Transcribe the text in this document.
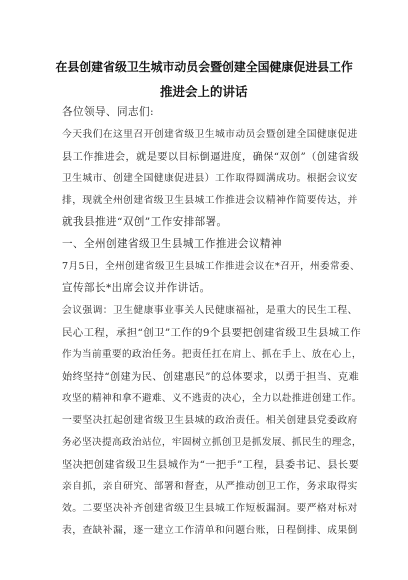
在县创建省级卫生城市动员会暨创建全国健康促进县工作
推进会上的讲话
各位领导、同志们:
今天我们在这里召开创建省级卫生城市动员会暨创建全国健康促进
县工作推进会，就是要以目标倒逼进度，确保“双创”（创建省级
卫生城市、创建全国健康促进县）工作取得圆满成功。根据会议安
排，现就全州创建省级卫生县城工作推进会议精神作简要传达，并
就我县推进“双创”工作安排部署。
一、全州创建省级卫生县城工作推进会议精神
7月5日，全州创建省级卫生县城工作推进会议在*召开，州委常委、
宣传部长*出席会议并作讲话。
会议强调：卫生健康事业事关人民健康福祉，是重大的民生工程、
民心工程，承担“创卫”工作的9个县要把创建省级卫生县城工作
作为当前重要的政治任务。把责任扛在肩上、抓在手上、放在心上，
始终坚持“创建为民、创建惠民”的总体要求，以勇于担当、克难
攻坚的精神和拿不避难、义不逃责的决心，全力以赴推进创建工作。
一要坚决扛起创建省级卫生县城的政治责任。相关创建县党委政府
务必坚决提高政治站位，牢固树立抓创卫是抓发展、抓民生的理念，
坚决把创建省级卫生县城作为“一把手”工程，县委书记、县长要
亲自抓，亲自研究、部署和督查，从严推动创卫工作，务求取得实
效。二要坚决补齐创建省级卫生县城工作短板漏洞。要严格对标对
表，查缺补漏，逐一建立工作清单和问题台账，日程倒排、成果倒
